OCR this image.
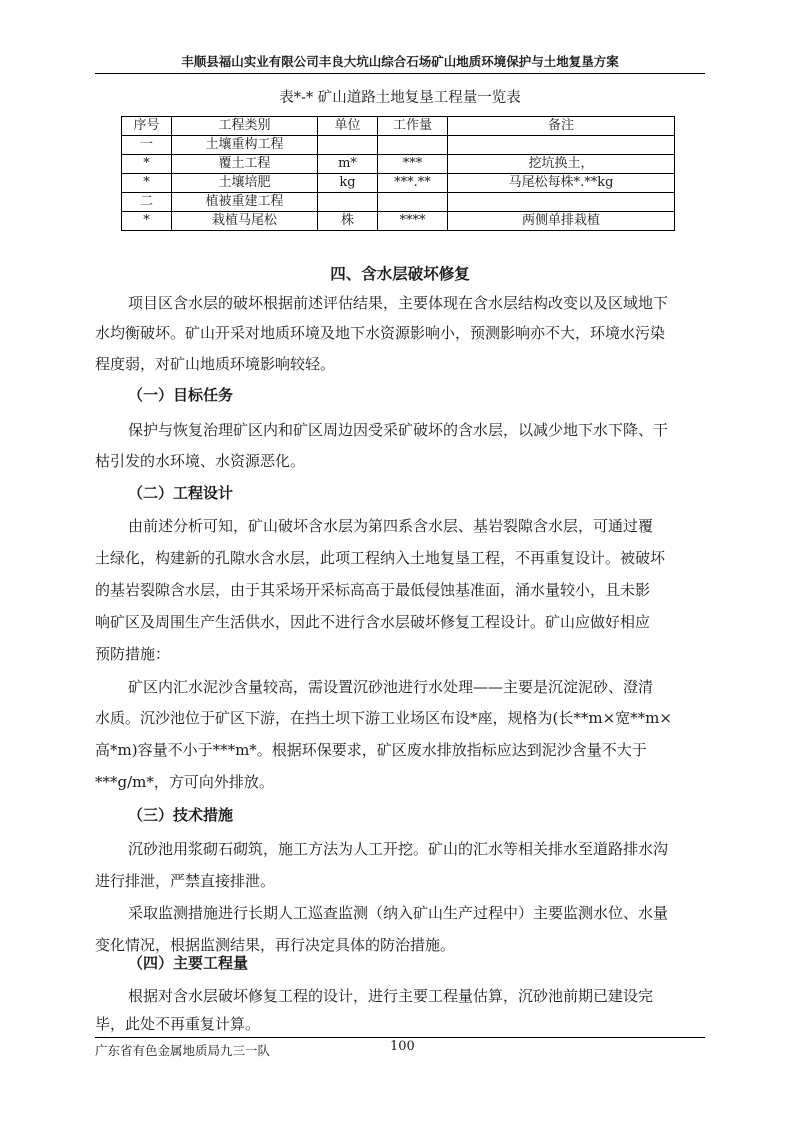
丰顺县福山实业有限公司丰良大坑山综合石场矿山地质环境保护与土地复垦方案
表*-* 矿山道路土地复垦工程量一览表
序号	工程类别	单位	工作量	备注
一	土壤重构工程			
*	覆土工程	m*	***	挖坑换土，
*	土壤培肥	kg	***.**	马尾松每株*.**kg
二	植被重建工程			
*	栽植马尾松	株	****	两侧单排栽植
四、含水层破坏修复
项目区含水层的破坏根据前述评估结果，主要体现在含水层结构改变以及区域地下
水均衡破坏。矿山开采对地质环境及地下水资源影响小，预测影响亦不大，环境水污染
程度弱，对矿山地质环境影响较轻。
（一）目标任务
保护与恢复治理矿区内和矿区周边因受采矿破坏的含水层，以减少地下水下降、干
枯引发的水环境、水资源恶化。
（二）工程设计
由前述分析可知，矿山破坏含水层为第四系含水层、基岩裂隙含水层，可通过覆
土绿化，构建新的孔隙水含水层，此项工程纳入土地复垦工程，不再重复设计。被破坏
的基岩裂隙含水层，由于其采场开采标高高于最低侵蚀基准面，涌水量较小，且未影
响矿区及周围生产生活供水，因此不进行含水层破坏修复工程设计。矿山应做好相应
预防措施：
矿区内汇水泥沙含量较高，需设置沉砂池进行水处理——主要是沉淀泥砂、澄清
水质。沉沙池位于矿区下游，在挡土坝下游工业场区布设*座，规格为(长**m×宽**m×
高*m)容量不小于***m*。根据环保要求，矿区废水排放指标应达到泥沙含量不大于
***g/m*，方可向外排放。
（三）技术措施
沉砂池用浆砌石砌筑，施工方法为人工开挖。矿山的汇水等相关排水至道路排水沟
进行排泄，严禁直接排泄。
采取监测措施进行长期人工巡查监测（纳入矿山生产过程中）主要监测水位、水量
变化情况，根据监测结果，再行决定具体的防治措施。
（四）主要工程量
根据对含水层破坏修复工程的设计，进行主要工程量估算，沉砂池前期已建设完
广东省有色金属地质局九三一队	100
毕，此处不再重复计算。
